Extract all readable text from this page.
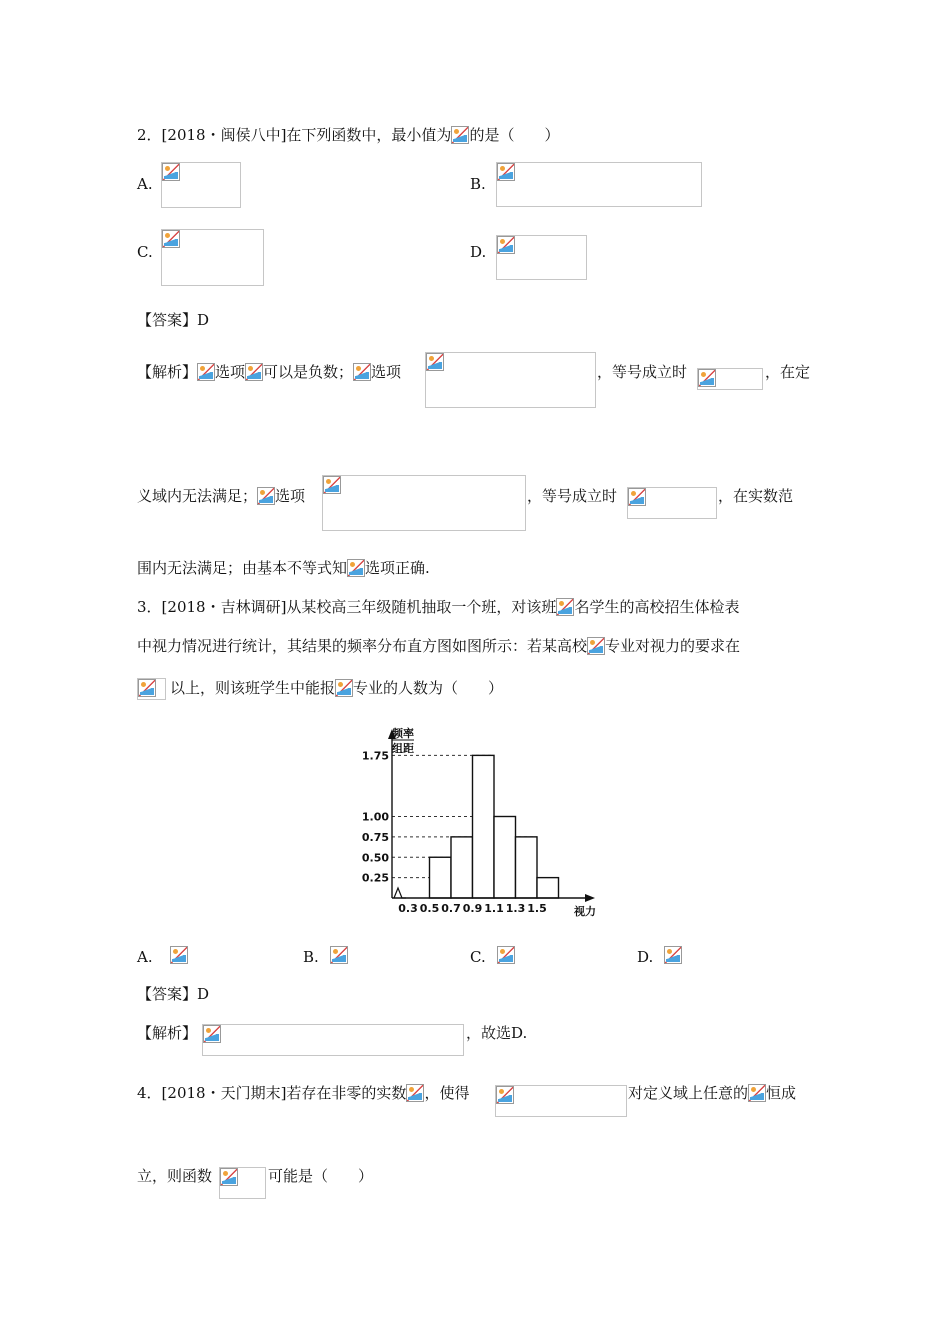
2．[2018・闽侯八中]在下列函数中，最小值为 的是（　　）
A.	B.
C.	D.
【答案】D
【解析】 选项 可以是负数； 选项	，等号成立时	，在定
义域内无法满足； 选项	，等号成立时	，在实数范
围内无法满足；由基本不等式知 选项正确.
3．[2018・吉林调研]从某校高三年级随机抽取一个班，对该班 名学生的高校招生体检表
中视力情况进行统计，其结果的频率分布直方图如图所示：若某高校 专业对视力的要求在
以上，则该班学生中能报 专业的人数为（　　）
0.25
0.50
0.75
1.00
1.75
0.3 0.5 0.7 0.9 1.1 1.3 1.5
频率
组距
视力
A.	B.	C.	D.
【答案】D
【解析】	，故选D.
4．[2018・天门期末]若存在非零的实数 ，使得	对定义域上任意的 恒成
立，则函数	可能是（　　）
